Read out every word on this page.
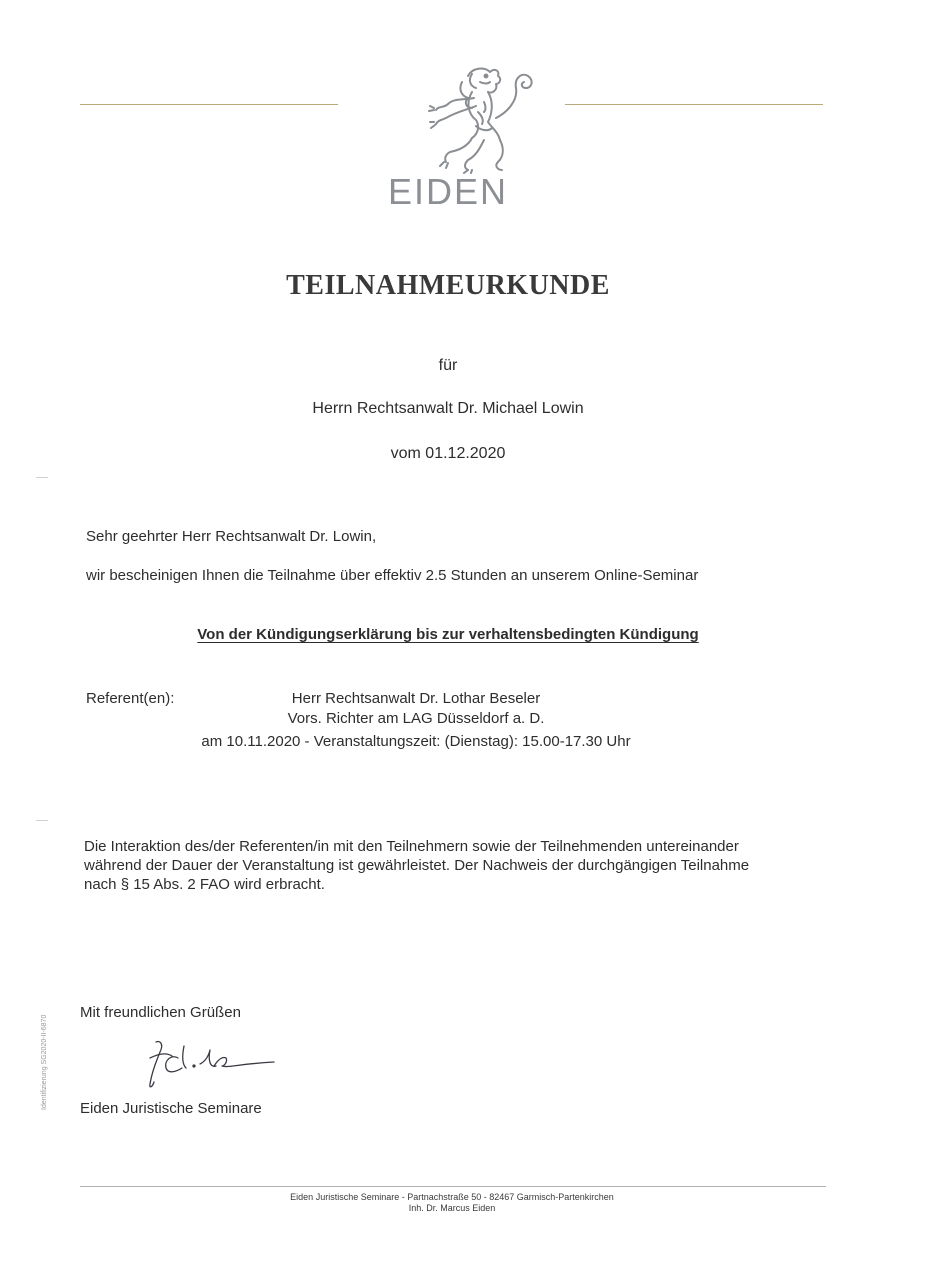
EIDEN
TEILNAHMEURKUNDE
für
Herrn Rechtsanwalt Dr. Michael Lowin
vom 01.12.2020
Sehr geehrter Herr Rechtsanwalt Dr. Lowin,
wir bescheinigen Ihnen die Teilnahme über effektiv 2.5 Stunden an unserem Online-Seminar
Von der Kündigungserklärung bis zur verhaltensbedingten Kündigung
Referent(en):	Herr Rechtsanwalt Dr. Lothar Beseler
Vors. Richter am LAG Düsseldorf a. D.
am 10.11.2020 - Veranstaltungszeit: (Dienstag): 15.00-17.30 Uhr
Die Interaktion des/der Referenten/in mit den Teilnehmern sowie der Teilnehmenden untereinander
während der Dauer der Veranstaltung ist gewährleistet. Der Nachweis der durchgängigen Teilnahme
nach § 15 Abs. 2 FAO wird erbracht.
Mit freundlichen Grüßen
Eiden Juristische Seminare
Identifizierung SG2020-II-6870
Eiden Juristische Seminare - Partnachstraße 50 - 82467 Garmisch-Partenkirchen
Inh. Dr. Marcus Eiden
